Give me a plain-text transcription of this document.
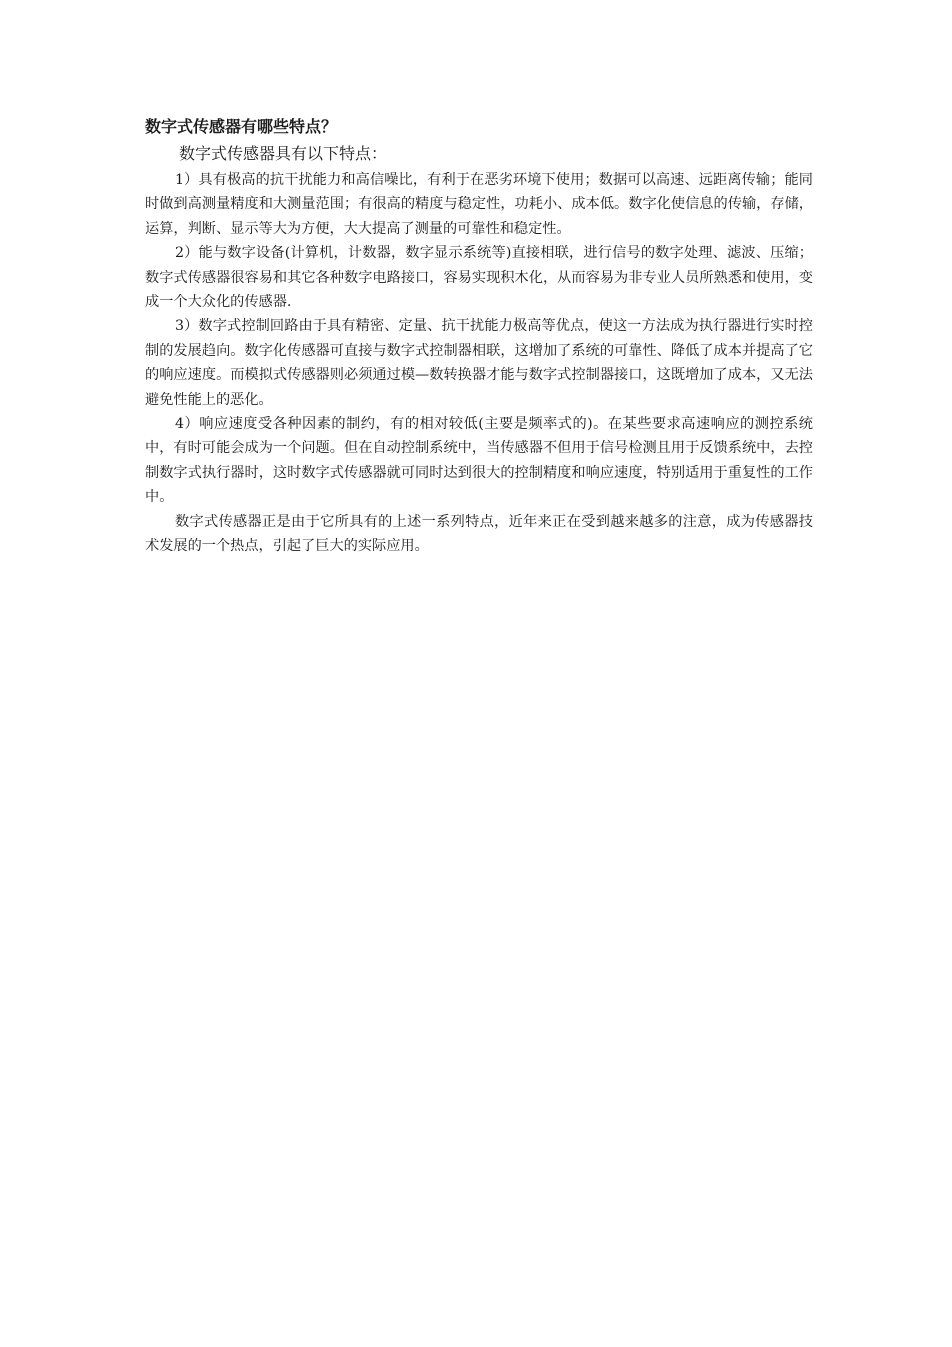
数字式传感器有哪些特点？

数字式传感器具有以下特点：

1）具有极高的抗干扰能力和高信噪比，有利于在恶劣环境下使用；数据可以高速、远距离传输；能同时做到高测量精度和大测量范围；有很高的精度与稳定性，功耗小、成本低。数字化使信息的传输，存储，运算，判断、显示等大为方便，大大提高了测量的可靠性和稳定性。

2）能与数字设备(计算机，计数器，数字显示系统等)直接相联，进行信号的数字处理、滤波、压缩；数字式传感器很容易和其它各种数字电路接口，容易实现积木化，从而容易为非专业人员所熟悉和使用，变成一个大众化的传感器.

3）数字式控制回路由于具有精密、定量、抗干扰能力极高等优点，使这一方法成为执行器进行实时控制的发展趋向。数字化传感器可直接与数字式控制器相联，这增加了系统的可靠性、降低了成本并提高了它的响应速度。而模拟式传感器则必须通过模—数转换器才能与数字式控制器接口，这既增加了成本，又无法避免性能上的恶化。

4）响应速度受各种因素的制约，有的相对较低(主要是频率式的)。在某些要求高速响应的测控系统中，有时可能会成为一个问题。但在自动控制系统中，当传感器不但用于信号检测且用于反馈系统中，去控制数字式执行器时，这时数字式传感器就可同时达到很大的控制精度和响应速度，特别适用于重复性的工作中。

数字式传感器正是由于它所具有的上述一系列特点，近年来正在受到越来越多的注意，成为传感器技术发展的一个热点，引起了巨大的实际应用。
